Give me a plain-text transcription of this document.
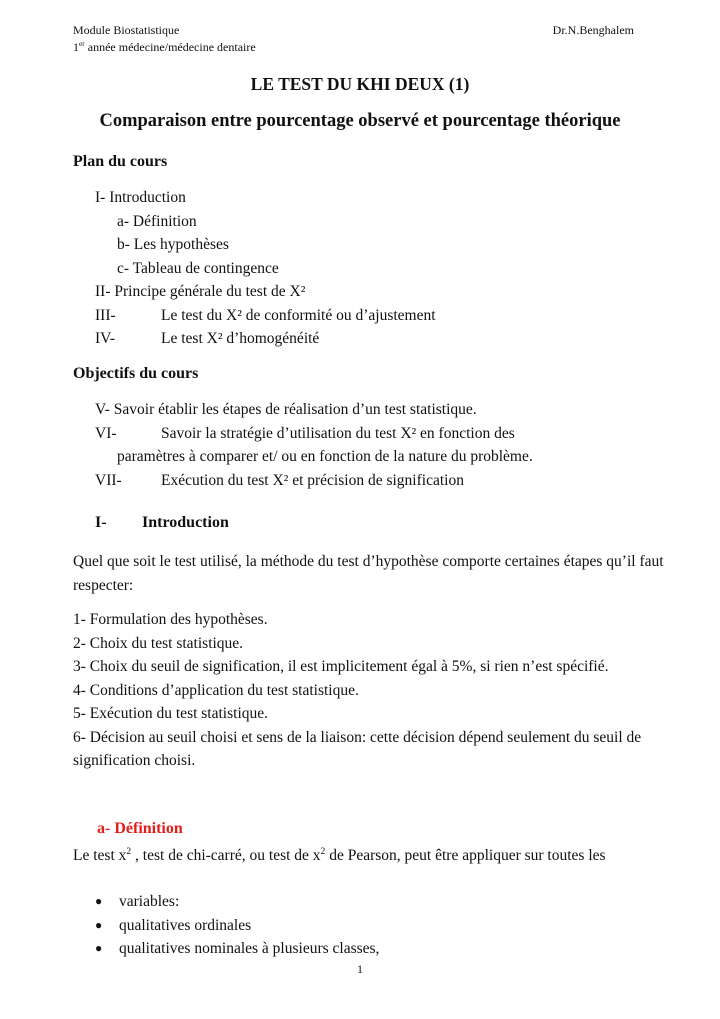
Module Biostatistique
1er année médecine/médecine dentaire
Dr.N.Benghalem
LE TEST DU KHI DEUX (1)
Comparaison entre pourcentage observé et pourcentage théorique
Plan du cours
I- Introduction
a- Définition
b- Les hypothèses
c- Tableau de contingence
II- Principe générale du test de X²
III-	Le test du X² de conformité ou d’ajustement
IV-	Le test X² d’homogénéité
Objectifs du cours
V- Savoir établir les étapes de réalisation d’un test statistique.
VI-	Savoir la stratégie d’utilisation du test X² en fonction des
paramètres à comparer et/ ou en fonction de la nature du problème.
VII-	Exécution du test X² et précision de signification
I- Introduction
Quel que soit le test utilisé, la méthode du test d’hypothèse comporte certaines étapes qu’il faut respecter:
1- Formulation des hypothèses.
2- Choix du test statistique.
3- Choix du seuil de signification, il est implicitement égal à 5%, si rien n’est spécifié.
4- Conditions d’application du test statistique.
5- Exécution du test statistique.
6- Décision au seuil choisi et sens de la liaison: cette décision dépend seulement du seuil de signification choisi.
a- Définition
Le test $x^2$ , test de chi-carré, ou test de $x^2$ de Pearson, peut être appliquer sur toutes les
● variables:
● qualitatives ordinales
● qualitatives nominales à plusieurs classes,
1
